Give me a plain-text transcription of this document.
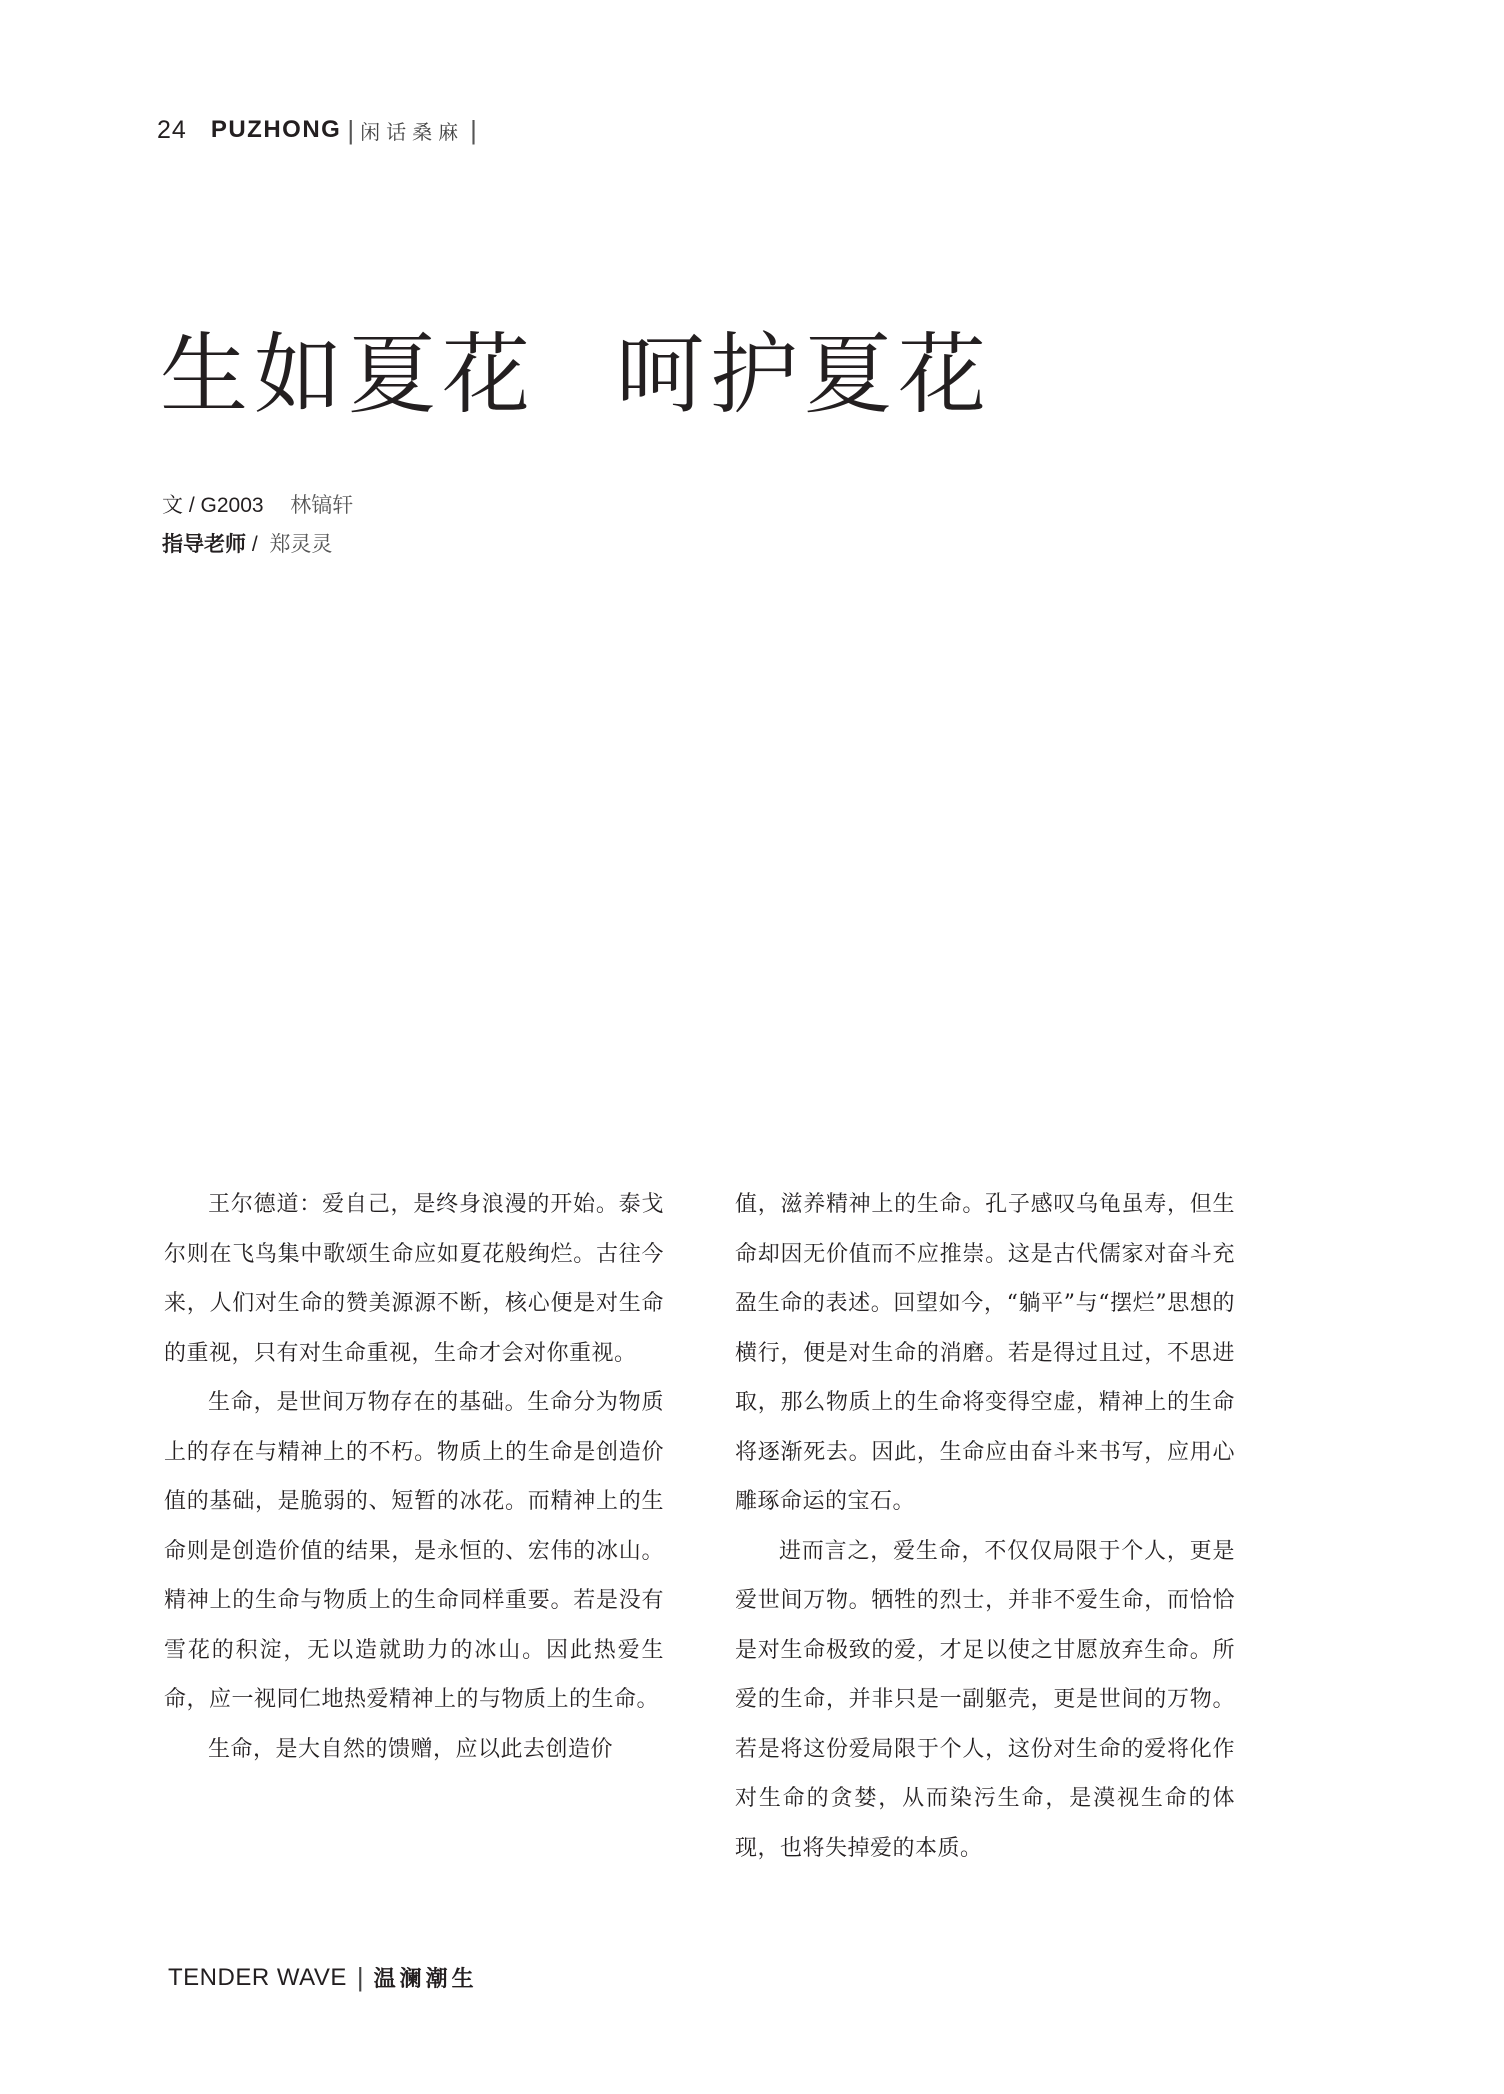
24 PUZHONG | 闲话桑麻 |
生如夏花 呵护夏花
文 / G2003 林镐轩
指导老师 / 郑灵灵

王尔德道：爱自己，是终身浪漫的开始。泰戈尔则在飞鸟集中歌颂生命应如夏花般绚烂。古往今来，人们对生命的赞美源源不断，核心便是对生命的重视，只有对生命重视，生命才会对你重视。

生命，是世间万物存在的基础。生命分为物质上的存在与精神上的不朽。物质上的生命是创造价值的基础，是脆弱的、短暂的冰花。而精神上的生命则是创造价值的结果，是永恒的、宏伟的冰山。精神上的生命与物质上的生命同样重要。若是没有雪花的积淀，无以造就助力的冰山。因此热爱生命，应一视同仁地热爱精神上的与物质上的生命。

生命，是大自然的馈赠，应以此去创造价

值，滋养精神上的生命。孔子感叹乌龟虽寿，但生命却因无价值而不应推崇。这是古代儒家对奋斗充盈生命的表述。回望如今，“躺平”与“摆烂”思想的横行，便是对生命的消磨。若是得过且过，不思进取，那么物质上的生命将变得空虚，精神上的生命将逐渐死去。因此，生命应由奋斗来书写，应用心雕琢命运的宝石。

进而言之，爱生命，不仅仅局限于个人，更是爱世间万物。牺牲的烈士，并非不爱生命，而恰恰是对生命极致的爱，才足以使之甘愿放弃生命。所爱的生命，并非只是一副躯壳，更是世间的万物。若是将这份爱局限于个人，这份对生命的爱将化作对生命的贪婪，从而染污生命，是漠视生命的体现，也将失掉爱的本质。

TENDER WAVE | 温澜潮生
